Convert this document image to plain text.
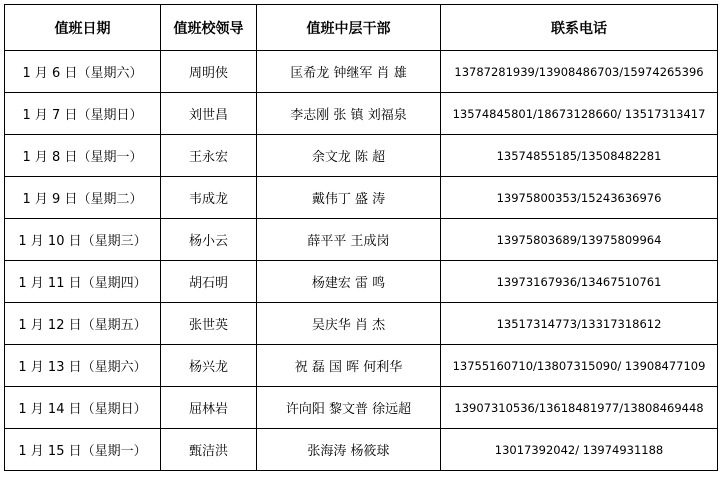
值班日期	值班校领导	值班中层干部	联系电话
1 月 6 日（星期六）	周明侠	匡希龙 钟继军 肖 雄	13787281939/13908486703/15974265396
1 月 7 日（星期日）	刘世昌	李志刚 张 镇 刘福泉	13574845801/18673128660/ 13517313417
1 月 8 日（星期一）	王永宏	余文龙 陈 超	13574855185/13508482281
1 月 9 日（星期二）	韦成龙	戴伟丁 盛 涛	13975800353/15243636976
1 月 10 日（星期三）	杨小云	薛平平 王成岗	13975803689/13975809964
1 月 11 日（星期四）	胡石明	杨建宏 雷 鸣	13973167936/13467510761
1 月 12 日（星期五）	张世英	吴庆华 肖 杰	13517314773/13317318612
1 月 13 日（星期六）	杨兴龙	祝 磊 国 晖 何利华	13755160710/13807315090/ 13908477109
1 月 14 日（星期日）	屈林岩	许向阳 黎文普 徐远超	13907310536/13618481977/13808469448
1 月 15 日（星期一）	甄洁洪	张海涛 杨筱球	13017392042/ 13974931188
